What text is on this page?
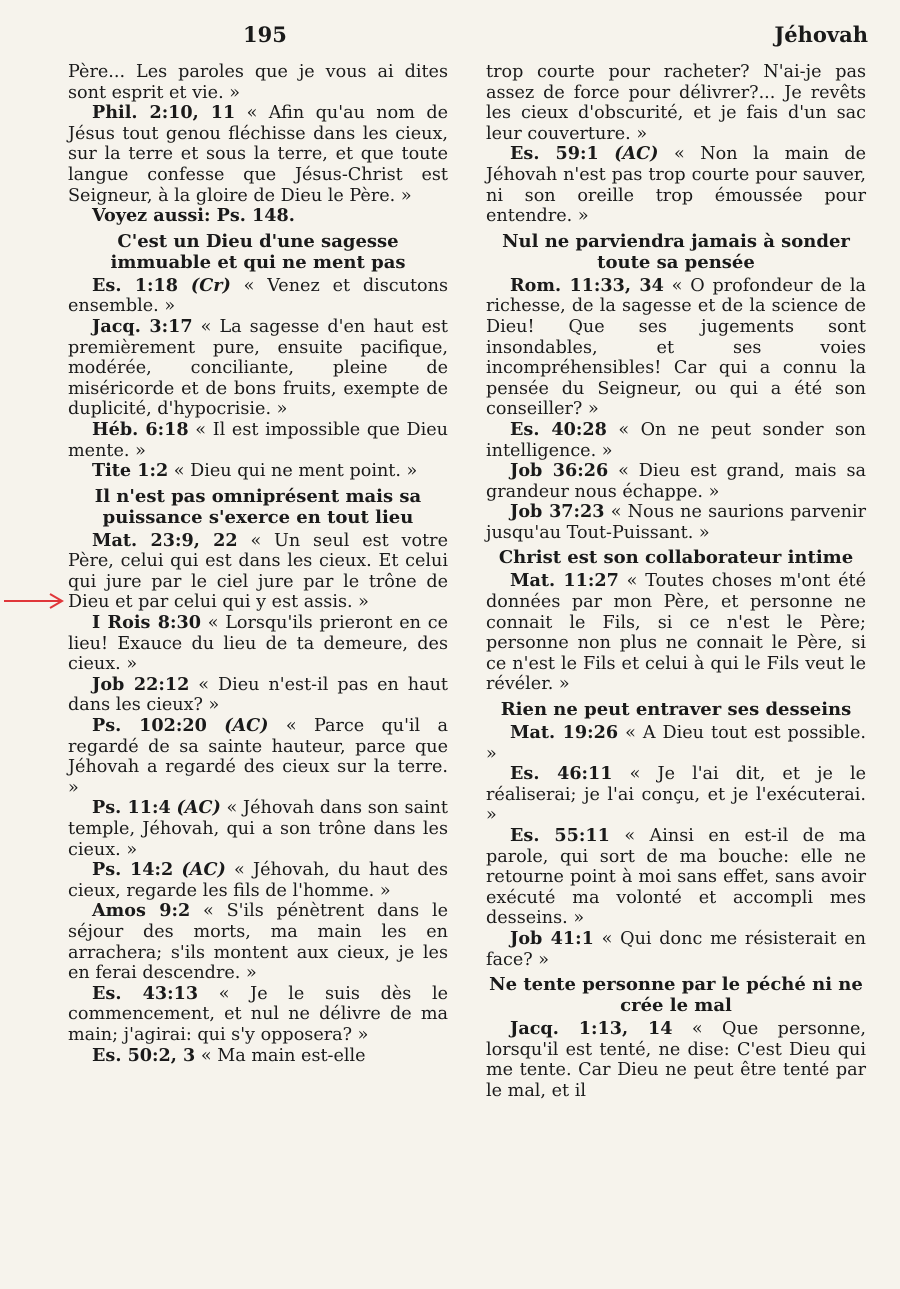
195	Jéhovah

Père... Les paroles que je vous ai dites sont esprit et vie. »

Phil. 2:10, 11 « Afin qu'au nom de Jésus tout genou fléchisse dans les cieux, sur la terre et sous la terre, et que toute langue confesse que Jésus-Christ est Seigneur, à la gloire de Dieu le Père. »

Voyez aussi: Ps. 148.

C'est un Dieu d'une sagesse immuable et qui ne ment pas

Es. 1:18 (Cr) « Venez et discutons ensemble. »

Jacq. 3:17 « La sagesse d'en haut est premièrement pure, ensuite pacifique, modérée, conciliante, pleine de miséricorde et de bons fruits, exempte de duplicité, d'hypocrisie. »

Héb. 6:18 « Il est impossible que Dieu mente. »

Tite 1:2 « Dieu qui ne ment point. »

Il n'est pas omniprésent mais sa puissance s'exerce en tout lieu

Mat. 23:9, 22 « Un seul est votre Père, celui qui est dans les cieux. Et celui qui jure par le ciel jure par le trône de Dieu et par celui qui y est assis. »

I Rois 8:30 « Lorsqu'ils prieront en ce lieu! Exauce du lieu de ta demeure, des cieux. »

Job 22:12 « Dieu n'est-il pas en haut dans les cieux? »

Ps. 102:20 (AC) « Parce qu'il a regardé de sa sainte hauteur, parce que Jéhovah a regardé des cieux sur la terre. »

Ps. 11:4 (AC) « Jéhovah dans son saint temple, Jéhovah, qui a son trône dans les cieux. »

Ps. 14:2 (AC) « Jéhovah, du haut des cieux, regarde les fils de l'homme. »

Amos 9:2 « S'ils pénètrent dans le séjour des morts, ma main les en arrachera; s'ils montent aux cieux, je les en ferai descendre. »

Es. 43:13 « Je le suis dès le commencement, et nul ne délivre de ma main; j'agirai: qui s'y opposera? »

Es. 50:2, 3 « Ma main est-elle

trop courte pour racheter? N'ai-je pas assez de force pour délivrer?... Je revêts les cieux d'obscurité, et je fais d'un sac leur couverture. »

Es. 59:1 (AC) « Non la main de Jéhovah n'est pas trop courte pour sauver, ni son oreille trop émoussée pour entendre. »

Nul ne parviendra jamais à sonder toute sa pensée

Rom. 11:33, 34 « O profondeur de la richesse, de la sagesse et de la science de Dieu! Que ses jugements sont insondables, et ses voies incompréhensibles! Car qui a connu la pensée du Seigneur, ou qui a été son conseiller? »

Es. 40:28 « On ne peut sonder son intelligence. »

Job 36:26 « Dieu est grand, mais sa grandeur nous échappe. »

Job 37:23 « Nous ne saurions parvenir jusqu'au Tout-Puissant. »

Christ est son collaborateur intime

Mat. 11:27 « Toutes choses m'ont été données par mon Père, et personne ne connait le Fils, si ce n'est le Père; personne non plus ne connait le Père, si ce n'est le Fils et celui à qui le Fils veut le révéler. »

Rien ne peut entraver ses desseins

Mat. 19:26 « A Dieu tout est possible. »

Es. 46:11 « Je l'ai dit, et je le réaliserai; je l'ai conçu, et je l'exécuterai. »

Es. 55:11 « Ainsi en est-il de ma parole, qui sort de ma bouche: elle ne retourne point à moi sans effet, sans avoir exécuté ma volonté et accompli mes desseins. »

Job 41:1 « Qui donc me résisterait en face? »

Ne tente personne par le péché ni ne crée le mal

Jacq. 1:13, 14 « Que personne, lorsqu'il est tenté, ne dise: C'est Dieu qui me tente. Car Dieu ne peut être tenté par le mal, et il
